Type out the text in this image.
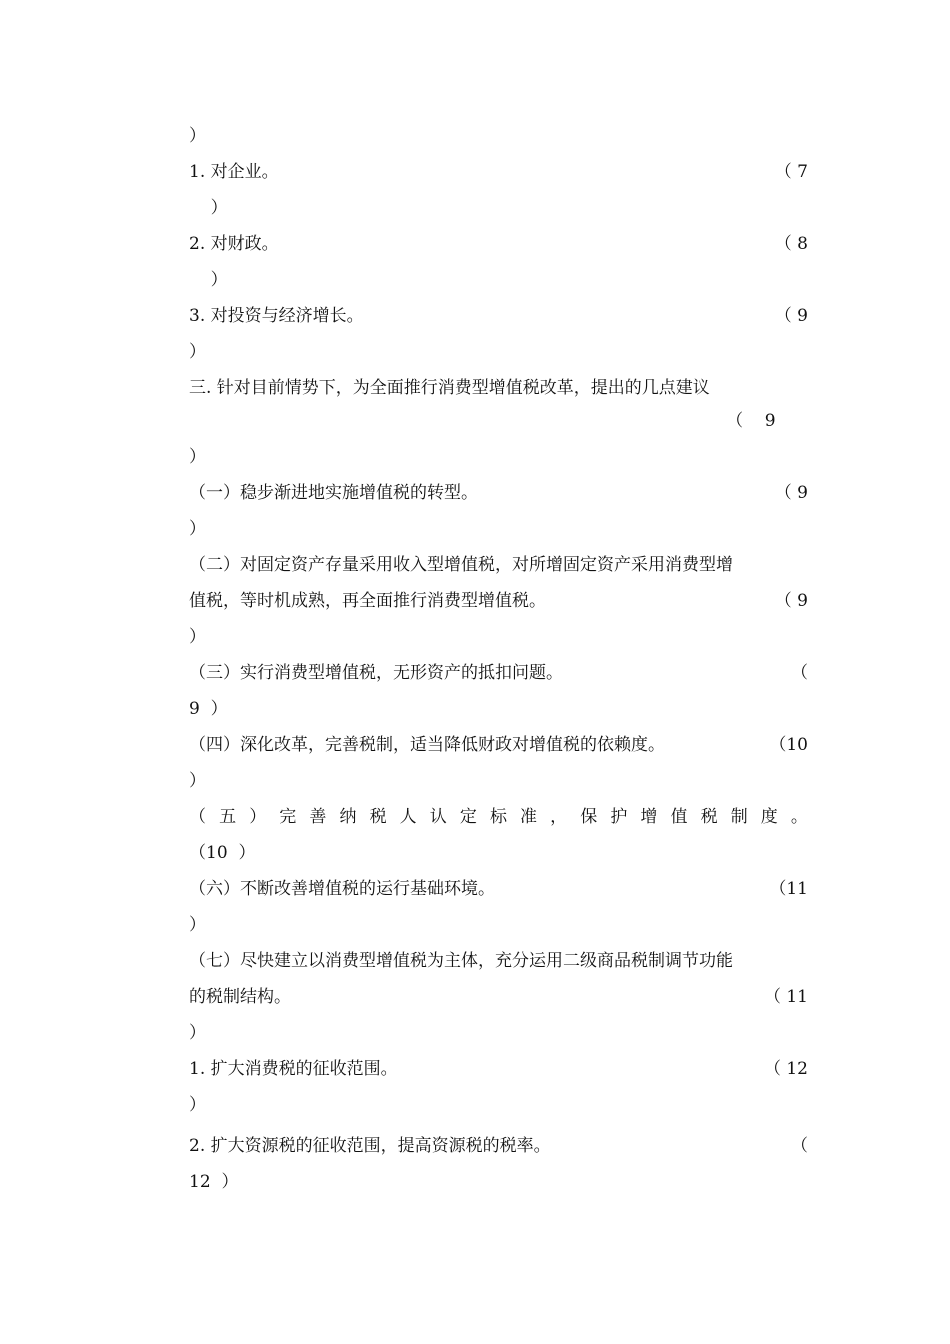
）
1. 对企业。	（ 7
）
2. 对财政。	（ 8
）
3. 对投资与经济增长。	（ 9
）
三. 针对目前情势下，为全面推行消费型增值税改革，提出的几点建议
（    9
）
（一）稳步渐进地实施增值税的转型。	（ 9
）
（二）对固定资产存量采用收入型增值税，对所增固定资产采用消费型增
值税，等时机成熟，再全面推行消费型增值税。	（ 9
）
（三）实行消费型增值税，无形资产的抵扣问题。	（
9  ）
（四）深化改革，完善税制，适当降低财政对增值税的依赖度。	（10
）
（ 五 ） 完 善 纳 税 人 认 定 标 准 ， 保 护 增 值 税 制 度 。
（10  ）
（六）不断改善增值税的运行基础环境。	（11
）
（七）尽快建立以消费型增值税为主体，充分运用二级商品税制调节功能
的税制结构。	（ 11
）
1. 扩大消费税的征收范围。	（ 12
）
2. 扩大资源税的征收范围，提高资源税的税率。	（
12  ）
